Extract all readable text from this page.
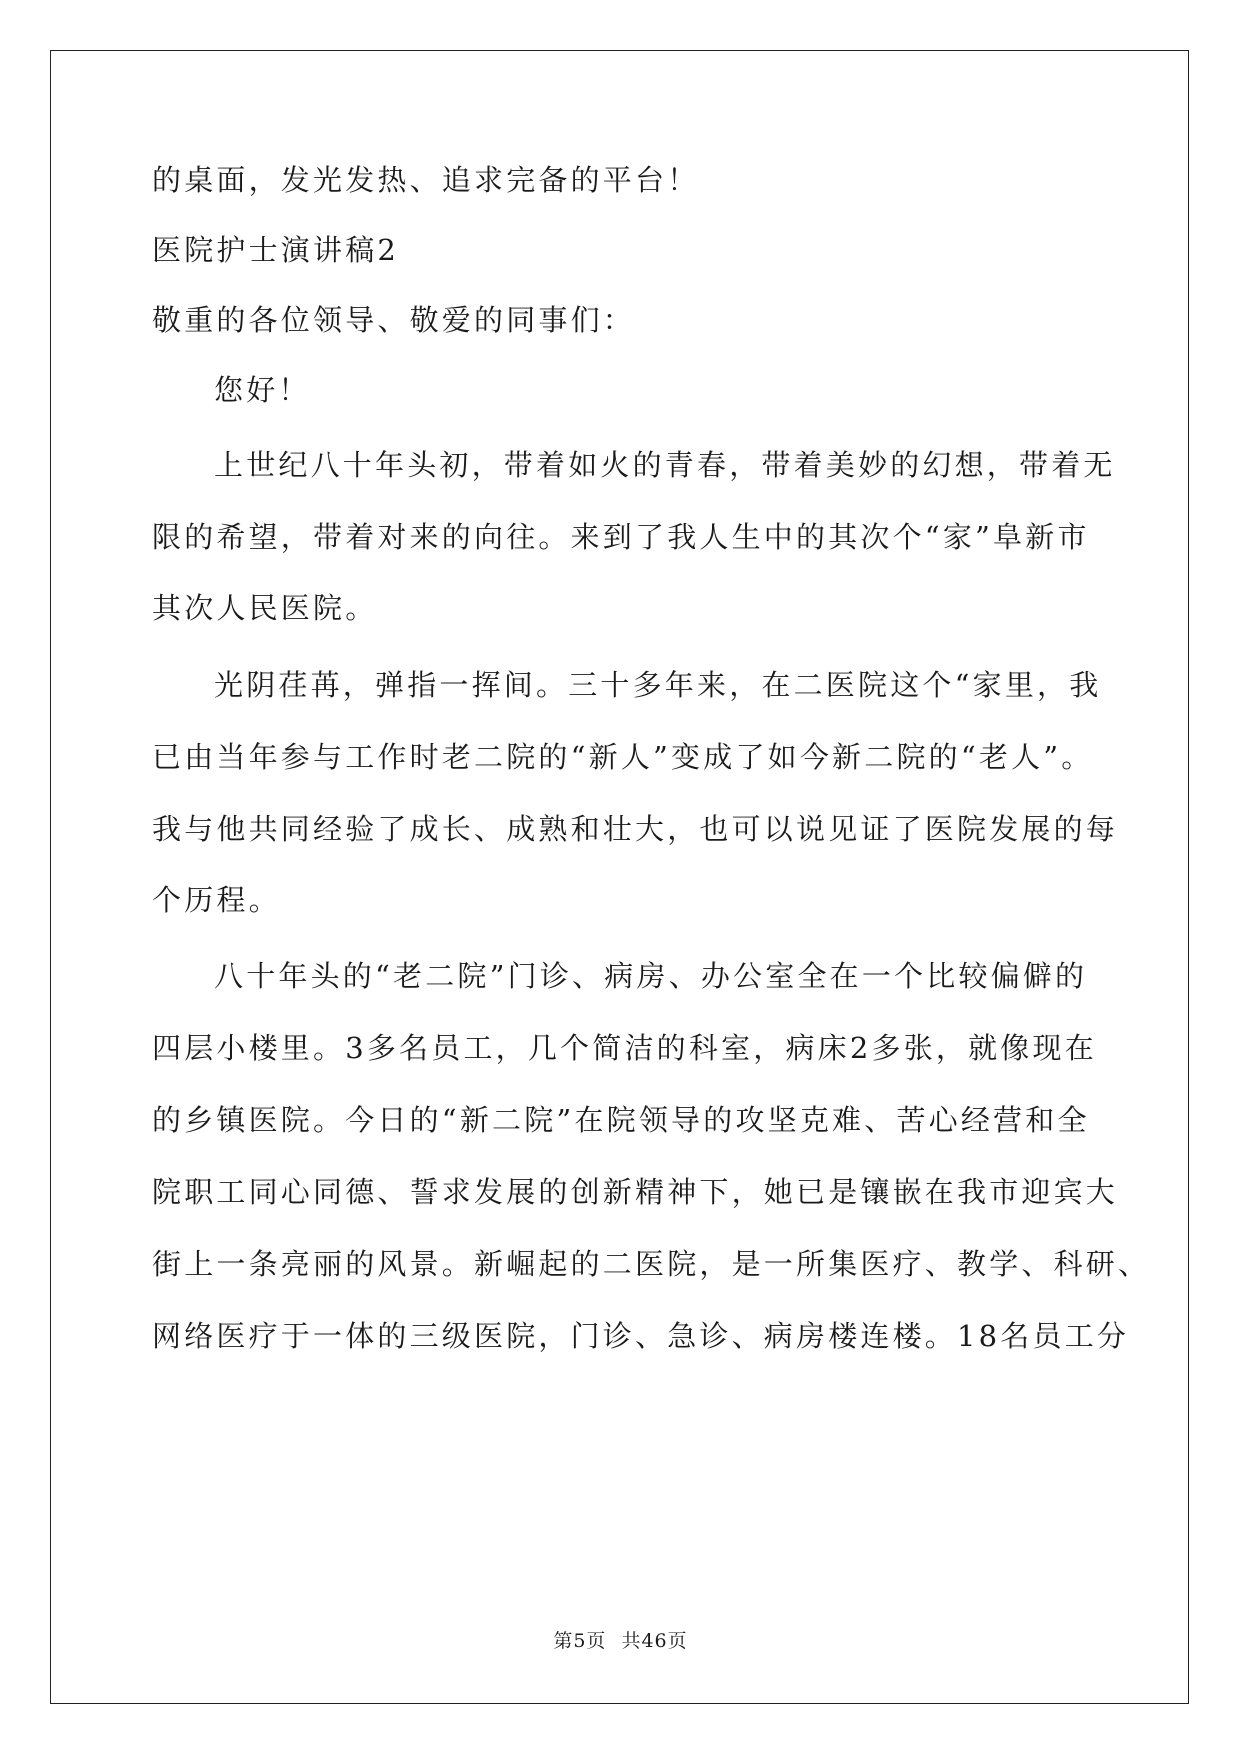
的桌面，发光发热、追求完备的平台！
医院护士演讲稿2
敬重的各位领导、敬爱的同事们：
您好！
上世纪八十年头初，带着如火的青春，带着美妙的幻想，带着无
限的希望，带着对来的向往。来到了我人生中的其次个“家”阜新市
其次人民医院。
光阴荏苒，弹指一挥间。三十多年来，在二医院这个“家里，我
已由当年参与工作时老二院的“新人”变成了如今新二院的“老人”。
我与他共同经验了成长、成熟和壮大，也可以说见证了医院发展的每
个历程。
八十年头的“老二院”门诊、病房、办公室全在一个比较偏僻的
四层小楼里。3多名员工，几个简洁的科室，病床2多张，就像现在
的乡镇医院。今日的“新二院”在院领导的攻坚克难、苦心经营和全
院职工同心同德、誓求发展的创新精神下，她已是镶嵌在我市迎宾大
街上一条亮丽的风景。新崛起的二医院，是一所集医疗、教学、科研、
网络医疗于一体的三级医院，门诊、急诊、病房楼连楼。18名员工分
第5页 共46页
